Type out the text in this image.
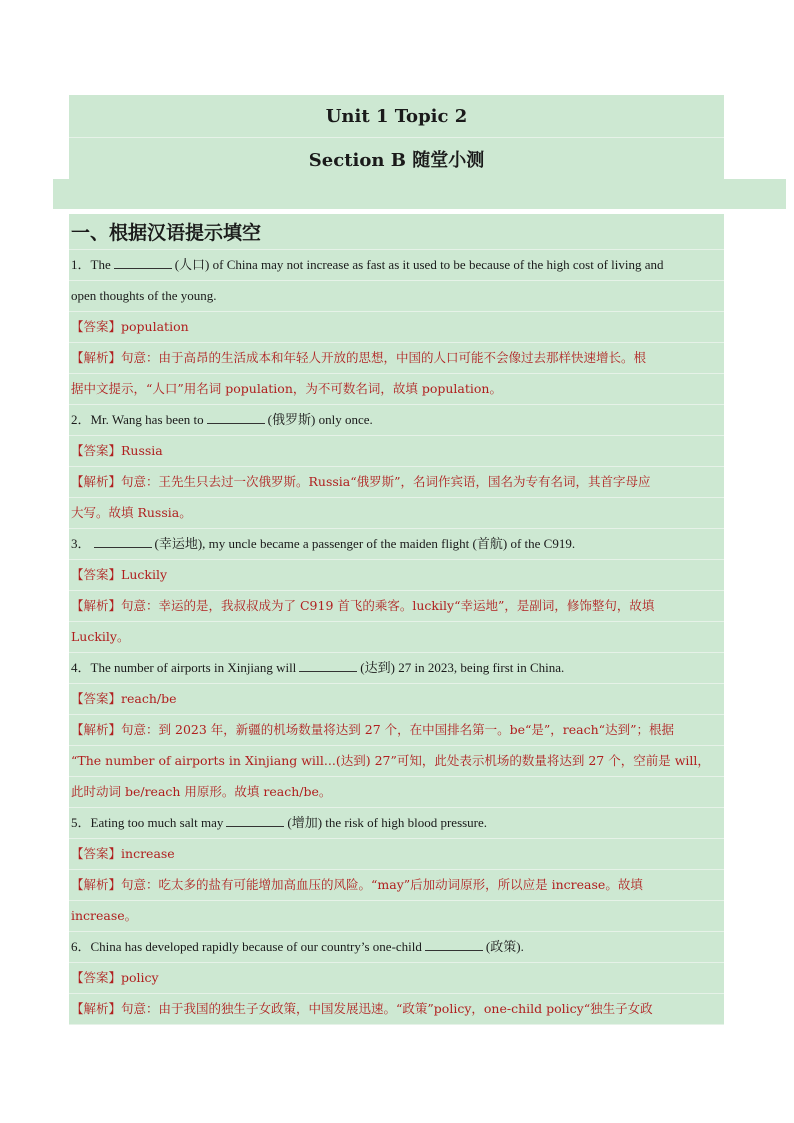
Unit 1 Topic 2
Section B 随堂小测
一、根据汉语提示填空
1．The	(人口) of China may not increase as fast as it used to be because of the high cost of living and
open thoughts of the young.
【答案】population
【解析】句意：由于高昂的生活成本和年轻人开放的思想，中国的人口可能不会像过去那样快速增长。根
据中文提示，“人口”用名词 population，为不可数名词，故填 population。
2．Mr. Wang has been to	(俄罗斯) only once.
【答案】Russia
【解析】句意：王先生只去过一次俄罗斯。Russia“俄罗斯”，名词作宾语，国名为专有名词，其首字母应
大写。故填 Russia。
3．	(幸运地), my uncle became a passenger of the maiden flight (首航) of the C919.
【答案】Luckily
【解析】句意：幸运的是，我叔叔成为了 C919 首飞的乘客。luckily“幸运地”，是副词，修饰整句，故填
Luckily。
4．The number of airports in Xinjiang will	(达到) 27 in 2023, being first in China.
【答案】reach/be
【解析】句意：到 2023 年，新疆的机场数量将达到 27 个，在中国排名第一。be“是”，reach“达到”；根据
“The number of airports in Xinjiang will...(达到) 27”可知，此处表示机场的数量将达到 27 个，空前是 will，
此时动词 be/reach 用原形。故填 reach/be。
5．Eating too much salt may	(增加) the risk of high blood pressure.
【答案】increase
【解析】句意：吃太多的盐有可能增加高血压的风险。“may”后加动词原形，所以应是 increase。故填
increase。
6．China has developed rapidly because of our country’s one-child	(政策).
【答案】policy
【解析】句意：由于我国的独生子女政策，中国发展迅速。“政策”policy，one-child policy“独生子女政
